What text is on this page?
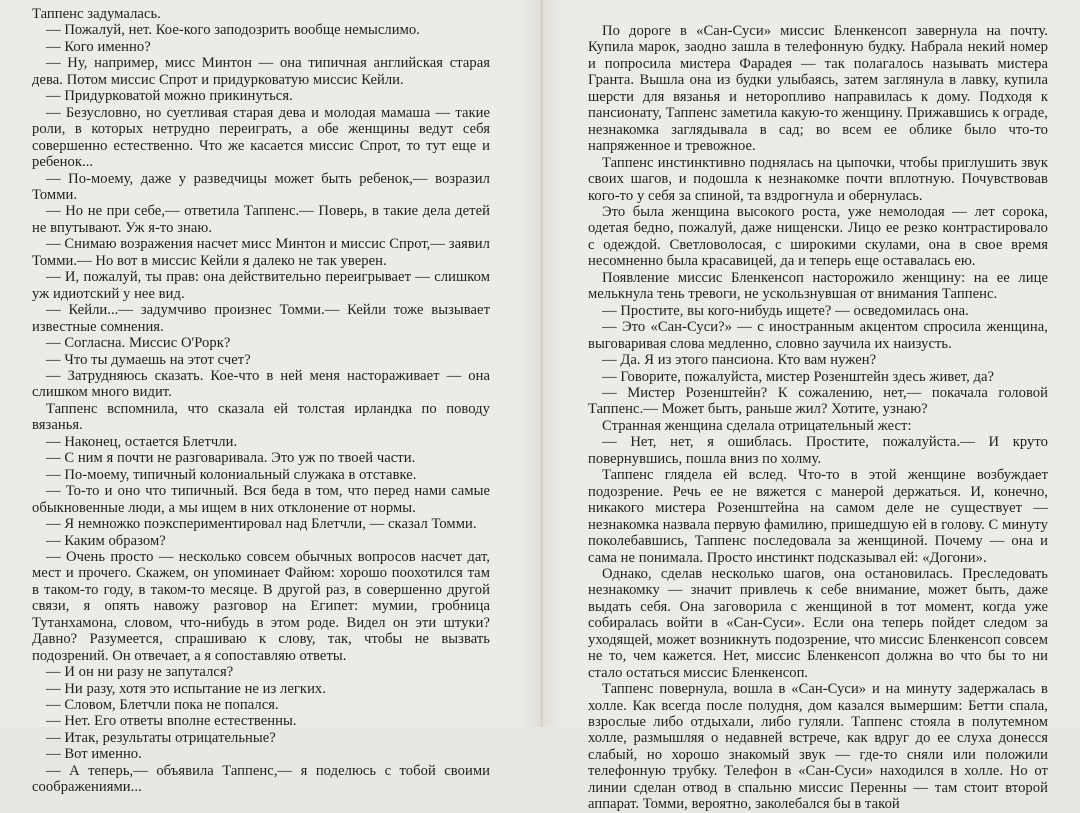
Таппенс задумалась.

— Пожалуй, нет. Кое-кого заподозрить вообще немыслимо.

— Кого именно?

— Ну, например, мисс Минтон — она типичная английская старая дева. Потом миссис Спрот и придурковатую миссис Кейли.

— Придурковатой можно прикинуться.

— Безусловно, но суетливая старая дева и молодая мамаша — такие роли, в которых нетрудно переиграть, а обе женщины ведут себя совершенно естественно. Что же касается миссис Спрот, то тут еще и ребенок...

— По-моему, даже у разведчицы может быть ребенок,— возразил Томми.

— Но не при себе,— ответила Таппенс.— Поверь, в такие дела детей не впутывают. Уж я-то знаю.

— Снимаю возражения насчет мисс Минтон и миссис Спрот,— заявил Томми.— Но вот в миссис Кейли я далеко не так уверен.

— И, пожалуй, ты прав: она действительно переигрывает — слишком уж идиотский у нее вид.

— Кейли...— задумчиво произнес Томми.— Кейли тоже вызывает известные сомнения.

— Согласна. Миссис О'Рорк?

— Что ты думаешь на этот счет?

— Затрудняюсь сказать. Кое-что в ней меня настораживает — она слишком много видит.

Таппенс вспомнила, что сказала ей толстая ирландка по поводу вязанья.

— Наконец, остается Блетчли.

— С ним я почти не разговаривала. Это уж по твоей части.

— По-моему, типичный колониальный служака в отставке.

— То-то и оно что типичный. Вся беда в том, что перед нами самые обыкновенные люди, а мы ищем в них отклонение от нормы.

— Я немножко поэкспериментировал над Блетчли, — сказал Томми.

— Каким образом?

— Очень просто — несколько совсем обычных вопросов насчет дат, мест и прочего. Скажем, он упоминает Файюм: хорошо поохотился там в таком-то году, в таком-то месяце. В другой раз, в совершенно другой связи, я опять навожу разговор на Египет: мумии, гробница Тутанхамона, словом, что-нибудь в этом роде. Видел он эти штуки? Давно? Разумеется, спрашиваю к слову, так, чтобы не вызвать подозрений. Он отвечает, а я сопоставляю ответы.

— И он ни разу не запутался?

— Ни разу, хотя это испытание не из легких.

— Словом, Блетчли пока не попался.

— Нет. Его ответы вполне естественны.

— Итак, результаты отрицательные?

— Вот именно.

— А теперь,— объявила Таппенс,— я поделюсь с тобой своими соображениями...

По дороге в «Сан-Суси» миссис Бленкенсоп завернула на почту. Купила марок, заодно зашла в телефонную будку. Набрала некий номер и попросила мистера Фарадея — так полагалось называть мистера Гранта. Вышла она из будки улыбаясь, затем заглянула в лавку, купила шерсти для вязанья и неторопливо направилась к дому. Подходя к пансионату, Таппенс заметила какую-то женщину. Прижавшись к ограде, незнакомка заглядывала в сад; во всем ее облике было что-то напряженное и тревожное.

Таппенс инстинктивно поднялась на цыпочки, чтобы приглушить звук своих шагов, и подошла к незнакомке почти вплотную. Почувствовав кого-то у себя за спиной, та вздрогнула и обернулась.

Это была женщина высокого роста, уже немолодая — лет сорока, одетая бедно, пожалуй, даже нищенски. Лицо ее резко контрастировало с одеждой. Светловолосая, с широкими скулами, она в свое время несомненно была красавицей, да и теперь еще оставалась ею.

Появление миссис Бленкенсоп насторожило женщину: на ее лице мелькнула тень тревоги, не ускользнувшая от внимания Таппенс.

— Простите, вы кого-нибудь ищете? — осведомилась она.

— Это «Сан-Суси?» — с иностранным акцентом спросила женщина, выговаривая слова медленно, словно заучила их наизусть.

— Да. Я из этого пансиона. Кто вам нужен?

— Говорите, пожалуйста, мистер Розенштейн здесь живет, да?

— Мистер Розенштейн? К сожалению, нет,— покачала головой Таппенс.— Может быть, раньше жил? Хотите, узнаю?

Странная женщина сделала отрицательный жест:

— Нет, нет, я ошиблась. Простите, пожалуйста.— И круто повернувшись, пошла вниз по холму.

Таппенс глядела ей вслед. Что-то в этой женщине возбуждает подозрение. Речь ее не вяжется с манерой держаться. И, конечно, никакого мистера Розенштейна на самом деле не существует — незнакомка назвала первую фамилию, пришедшую ей в голову. С минуту поколебавшись, Таппенс последовала за женщиной. Почему — она и сама не понимала. Просто инстинкт подсказывал ей: «Догони».

Однако, сделав несколько шагов, она остановилась. Преследовать незнакомку — значит привлечь к себе внимание, может быть, даже выдать себя. Она заговорила с женщиной в тот момент, когда уже собиралась войти в «Сан-Суси». Если она теперь пойдет следом за уходящей, может возникнуть подозрение, что миссис Бленкенсоп совсем не то, чем кажется. Нет, миссис Бленкенсоп должна во что бы то ни стало остаться миссис Бленкенсоп.

Таппенс повернула, вошла в «Сан-Суси» и на минуту задержалась в холле. Как всегда после полудня, дом казался вымершим: Бетти спала, взрослые либо отдыхали, либо гуляли. Таппенс стояла в полутемном холле, размышляя о недавней встрече, как вдруг до ее слуха донесся слабый, но хорошо знакомый звук — где-то сняли или положили телефонную трубку. Телефон в «Сан-Суси» находился в холле. Но от линии сделан отвод в спальню миссис Перенны — там стоит второй аппарат. Томми, вероятно, заколебался бы в такой
